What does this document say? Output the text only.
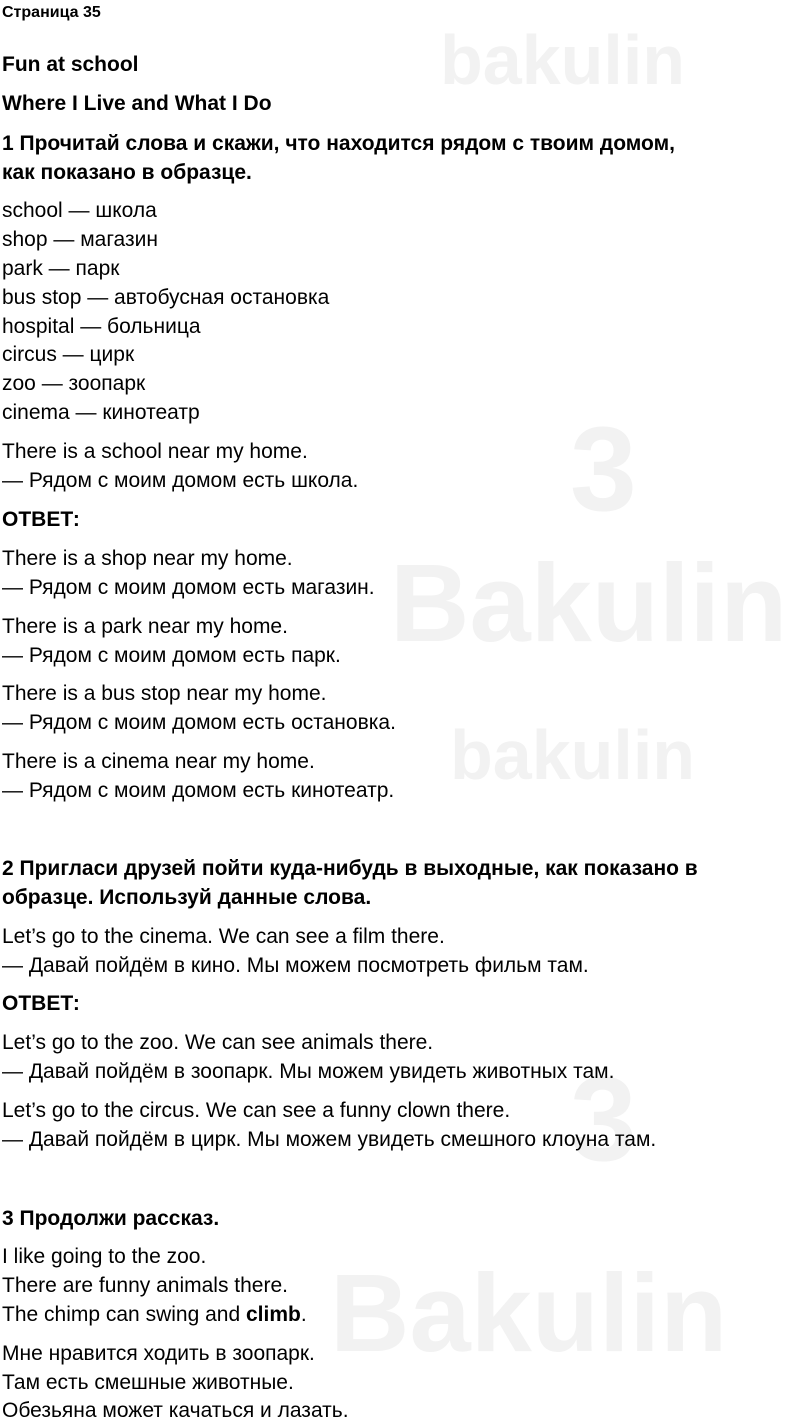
bakulin
Bakulin
bakulin
Bakulin
3
3
Страница 35
Fun at school
Where I Live and What I Do
1 Прочитай слова и скажи, что находится рядом с твоим домом,
как показано в образце.
school — школа
shop — магазин
park — парк
bus stop — автобусная остановка
hospital — больница
circus — цирк
zoo — зоопарк
cinema — кинотеатр
There is a school near my home.
— Рядом с моим домом есть школа.
ОТВЕТ:
There is a shop near my home.
— Рядом с моим домом есть магазин.
There is a park near my home.
— Рядом с моим домом есть парк.
There is a bus stop near my home.
— Рядом с моим домом есть остановка.
There is a cinema near my home.
— Рядом с моим домом есть кинотеатр.
2 Пригласи друзей пойти куда-нибудь в выходные, как показано в
образце. Используй данные слова.
Let’s go to the cinema. We can see a film there.
— Давай пойдём в кино. Мы можем посмотреть фильм там.
ОТВЕТ:
Let’s go to the zoo. We can see animals there.
— Давай пойдём в зоопарк. Мы можем увидеть животных там.
Let’s go to the circus. We can see a funny clown there.
— Давай пойдём в цирк. Мы можем увидеть смешного клоуна там.
3 Продолжи рассказ.
I like going to the zoo.
There are funny animals there.
The chimp can swing and climb.
Мне нравится ходить в зоопарк.
Там есть смешные животные.
Обезьяна может качаться и лазать.
